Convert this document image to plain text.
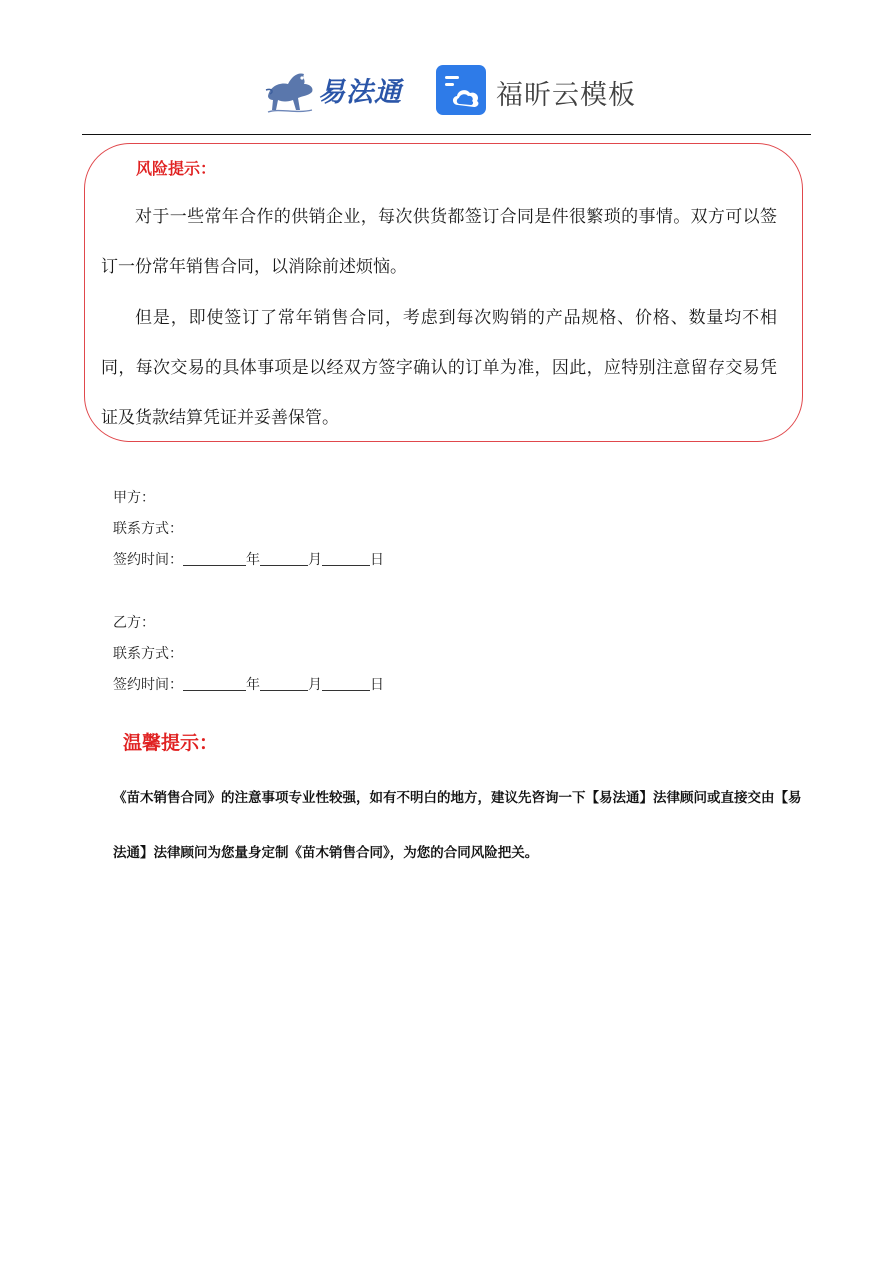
易法通	福昕云模板
风险提示：

对于一些常年合作的供销企业，每次供货都签订合同是件很繁琐的事情。双方可以签订一份常年销售合同，以消除前述烦恼。

但是，即使签订了常年销售合同，考虑到每次购销的产品规格、价格、数量均不相同，每次交易的具体事项是以经双方签字确认的订单为准，因此，应特别注意留存交易凭证及货款结算凭证并妥善保管。

甲方：
联系方式：
签约时间：	年	月	日
乙方：
联系方式：
签约时间：	年	月	日
温馨提示：

《苗木销售合同》的注意事项专业性较强，如有不明白的地方，建议先咨询一下【易法通】法律顾问或直接交由【易法通】法律顾问为您量身定制《苗木销售合同》，为您的合同风险把关。
